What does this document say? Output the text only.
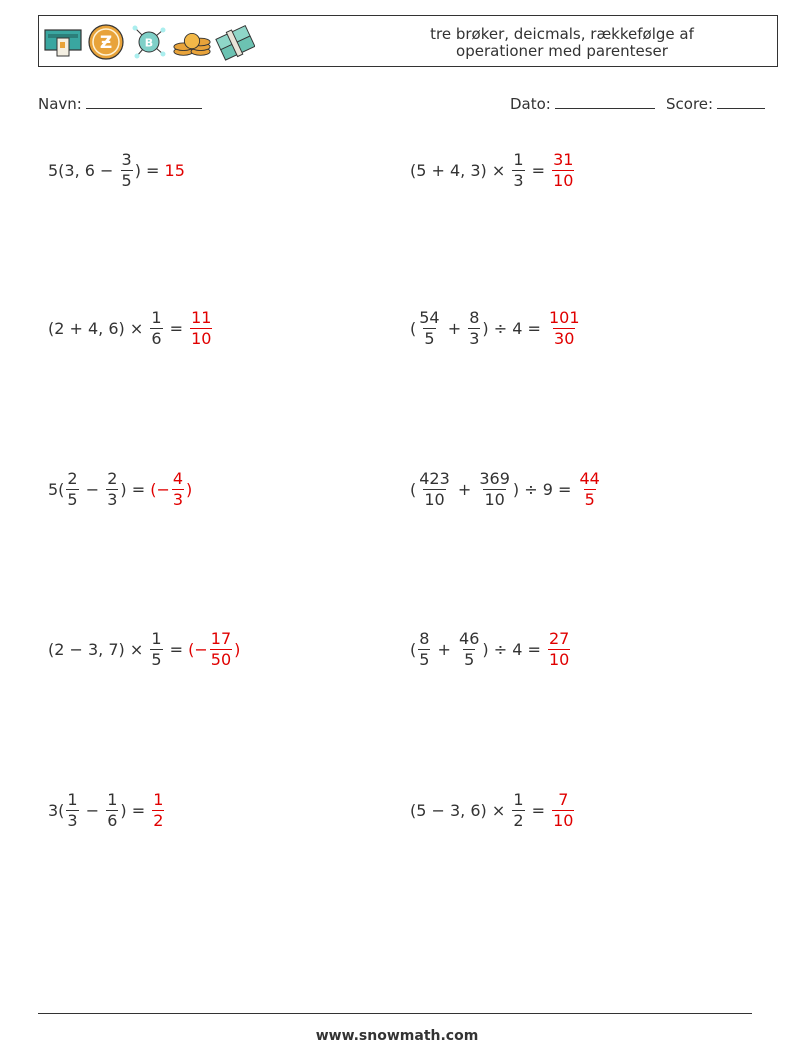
Ƶ	B	tre brøker, deicmals, rækkefølge af operationer med parenteser
Navn:	Dato:	Score:
5(3, $6 - \frac{3}{5}$ ) = 15	(5 + 4, $3) \times \frac{1}{3} = \frac{31}{10}$
(2 + 4, $6) \times \frac{1}{6} = \frac{11}{10}$	( $\frac{54}{5} + \frac{8}{3}$ ) ÷ $4 = \frac{101}{30}$
$5( \frac{2}{5} - \frac{2}{3}$ ) = (− $\frac{4}{3}$ )	( $\frac{423}{10} + \frac{369}{10}$ ) ÷ $9 = \frac{44}{5}$
(2 − 3, $7) \times \frac{1}{5}$ = (− $\frac{17}{50}$ )	( $\frac{8}{5} + \frac{46}{5}$ ) ÷ $4 = \frac{27}{10}$
$3( \frac{1}{3} - \frac{1}{6}$ ) = $\frac{1}{2}$	(5 − 3, $6) \times \frac{1}{2} = \frac{7}{10}$
www.snowmath.com
